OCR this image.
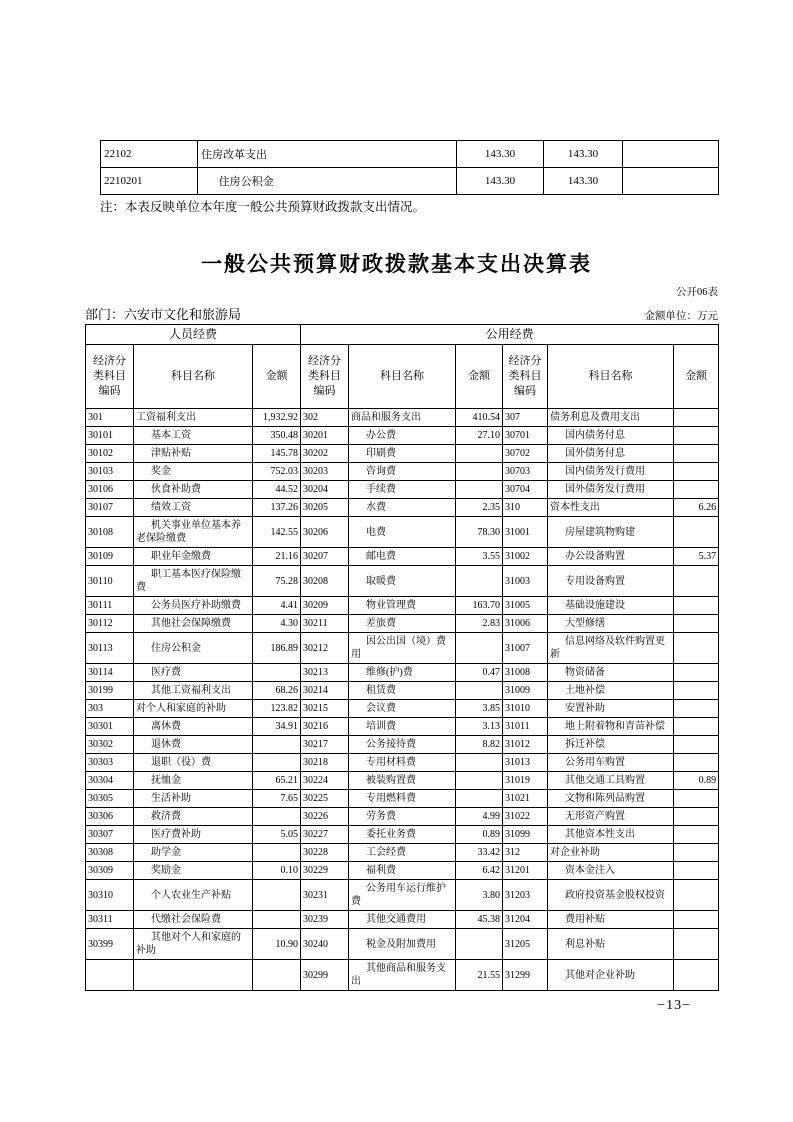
22102	住房改革支出	143.30	143.30	
2210201	住房公积金	143.30	143.30	
注：本表反映单位本年度一般公共预算财政拨款支出情况。
一般公共预算财政拨款基本支出决算表
公开06表
部门：六安市文化和旅游局	金额单位：万元
人员经费			公用经费					
经济分类科目编码	科目名称	金额	经济分类科目编码	科目名称	金额	经济分类科目编码	科目名称	金额
301	工资福利支出	1,932.92	302	商品和服务支出	410.54	307	债务利息及费用支出	
30101	基本工资	350.48	30201	办公费	27.10	30701	国内债务付息	
30102	津贴补贴	145.78	30202	印刷费		30702	国外债务付息	
30103	奖金	752.03	30203	咨询费		30703	国内债务发行费用	
30106	伙食补助费	44.52	30204	手续费		30704	国外债务发行费用	
30107	绩效工资	137.26	30205	水费	2.35	310	资本性支出	6.26
30108	机关事业单位基本养老保险缴费	142.55	30206	电费	78.30	31001	房屋建筑物购建	
30109	职业年金缴费	21.16	30207	邮电费	3.55	31002	办公设备购置	5.37
30110	职工基本医疗保险缴费	75.28	30208	取暖费		31003	专用设备购置	
30111	公务员医疗补助缴费	4.41	30209	物业管理费	163.70	31005	基础设施建设	
30112	其他社会保障缴费	4.30	30211	差旅费	2.83	31006	大型修缮	
30113	住房公积金	186.89	30212	因公出国（境）费用		31007	信息网络及软件购置更新	
30114	医疗费		30213	维修(护)费	0.47	31008	物资储备	
30199	其他工资福利支出	68.26	30214	租赁费		31009	土地补偿	
303	对个人和家庭的补助	123.82	30215	会议费	3.85	31010	安置补助	
30301	离休费	34.91	30216	培训费	3.13	31011	地上附着物和青苗补偿	
30302	退休费		30217	公务接待费	8.82	31012	拆迁补偿	
30303	退职（役）费		30218	专用材料费		31013	公务用车购置	
30304	抚恤金	65.21	30224	被装购置费		31019	其他交通工具购置	0.89
30305	生活补助	7.65	30225	专用燃料费		31021	文物和陈列品购置	
30306	救济费		30226	劳务费	4.99	31022	无形资产购置	
30307	医疗费补助	5.05	30227	委托业务费	0.89	31099	其他资本性支出	
30308	助学金		30228	工会经费	33.42	312	对企业补助	
30309	奖励金	0.10	30229	福利费	6.42	31201	资本金注入	
30310	个人农业生产补贴		30231	公务用车运行维护费	3.80	31203	政府投资基金股权投资	
30311	代缴社会保险费		30239	其他交通费用	45.38	31204	费用补贴	
30399	其他对个人和家庭的补助	10.90	30240	税金及附加费用		31205	利息补贴	
			30299	其他商品和服务支出	21.55	31299	其他对企业补助	
−13−
